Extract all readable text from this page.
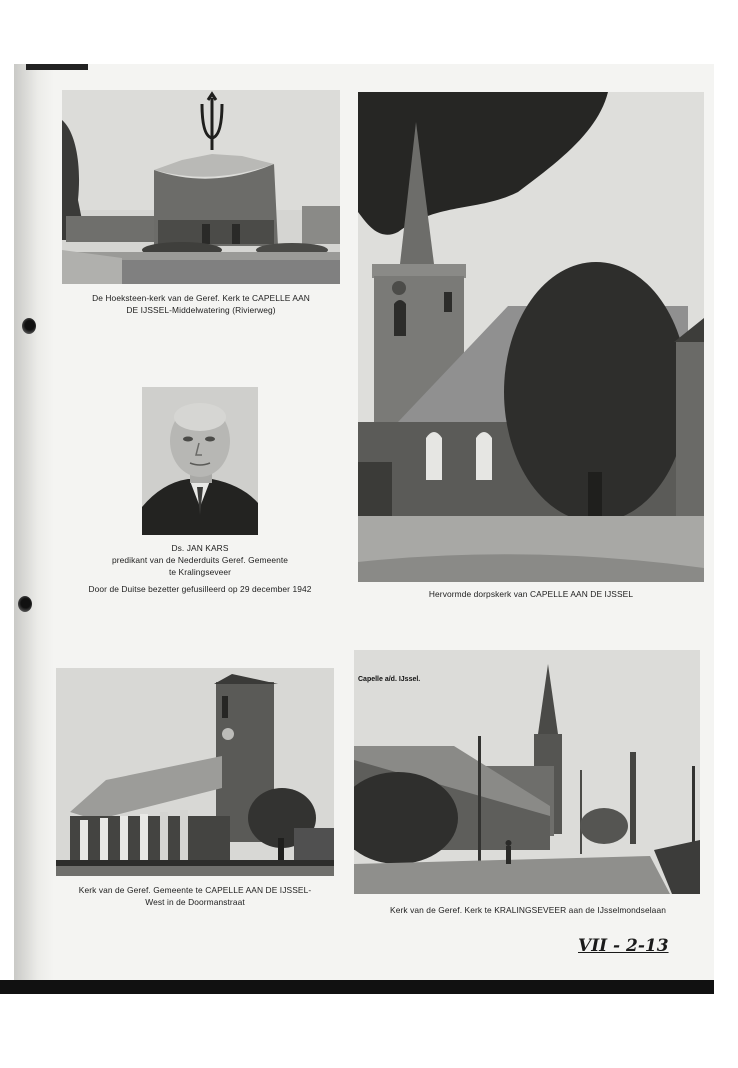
De Hoeksteen-kerk van de Geref. Kerk te CAPELLE AAN
DE IJSSEL-Middelwatering (Rivierweg)
Ds. JAN KARS
predikant van de Nederduits Geref. Gemeente
te Kralingseveer
Door de Duitse bezetter gefusilleerd op 29 december 1942	Hervormde dorpskerk van CAPELLE AAN DE IJSSEL
Kerk van de Geref. Gemeente te CAPELLE AAN DE IJSSEL-
West in de Doormanstraat
Capelle a/d. IJssel.
Kerk van de Geref. Kerk te KRALINGSEVEER aan de IJsselmondselaan
VII - 2-13
